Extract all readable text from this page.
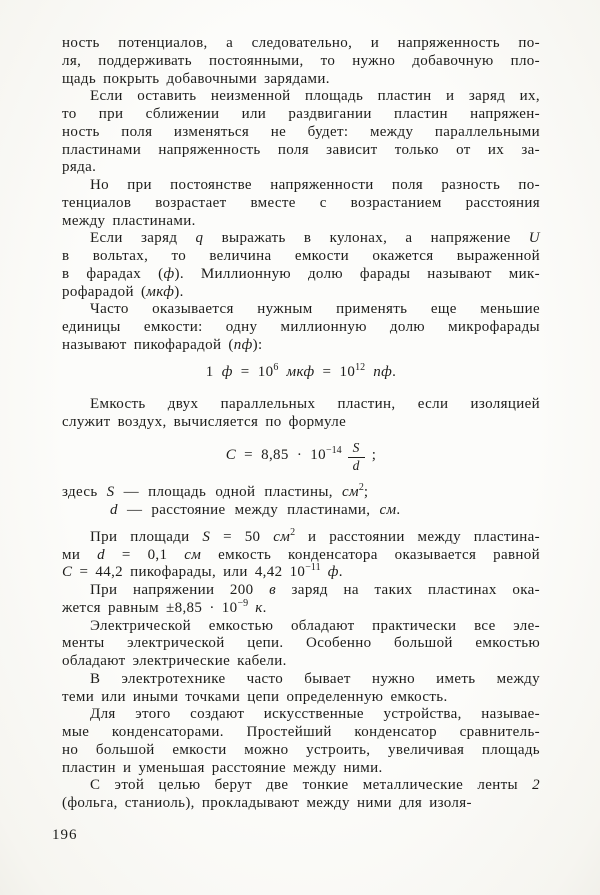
ность потенциалов, а следовательно, и напряженность по-
ля, поддерживать постоянными, то нужно добавочную пло-
щадь покрыть добавочными зарядами.
Если оставить неизменной площадь пластин и заряд их,
то при сближении или раздвигании пластин напряжен-
ность поля изменяться не будет: между параллельными
пластинами напряженность поля зависит только от их за-
ряда.
Но при постоянстве напряженности поля разность по-
тенциалов возрастает вместе с возрастанием расстояния
между пластинами.
Если заряд q выражать в кулонах, а напряжение U
в вольтах, то величина емкости окажется выраженной
в фарадах (ф). Миллионную долю фарады называют мик-
рофарадой (мкф).
Часто оказывается нужным применять еще меньшие
единицы емкости: одну миллионную долю микрофарады
называют пикофарадой (пф):
1 $ф = 10^6$ мкф = $10^{12}$ пф.
Емкость двух параллельных пластин, если изоляцией
служит воздух, вычисляется по формуле
$C = 8,85 \cdot 10^{-14} \frac{S}{d}$ ;
здесь S — площадь одной пластины, $см^2$;
d — расстояние между пластинами, см.
При площади S = 50 $см^2$ и расстоянии между пластина-
ми d = 0,1 см емкость конденсатора оказывается равной
C = 44,2 пикофарады, или 4,42 $10^{-11}$ ф.
При напряжении 200 в заряд на таких пластинах ока-
жется равным $\pm 8,85 \cdot 10^{-9}$ к.
Электрической емкостью обладают практически все эле-
менты электрической цепи. Особенно большой емкостью
обладают электрические кабели.
В электротехнике часто бывает нужно иметь между
теми или иными точками цепи определенную емкость.
Для этого создают искусственные устройства, называе-
мые конденсаторами. Простейший конденсатор сравнитель-
но большой емкости можно устроить, увеличивая площадь
пластин и уменьшая расстояние между ними.
С этой целью берут две тонкие металлические ленты 2
(фольга, станиоль), прокладывают между ними для изоля-
196
